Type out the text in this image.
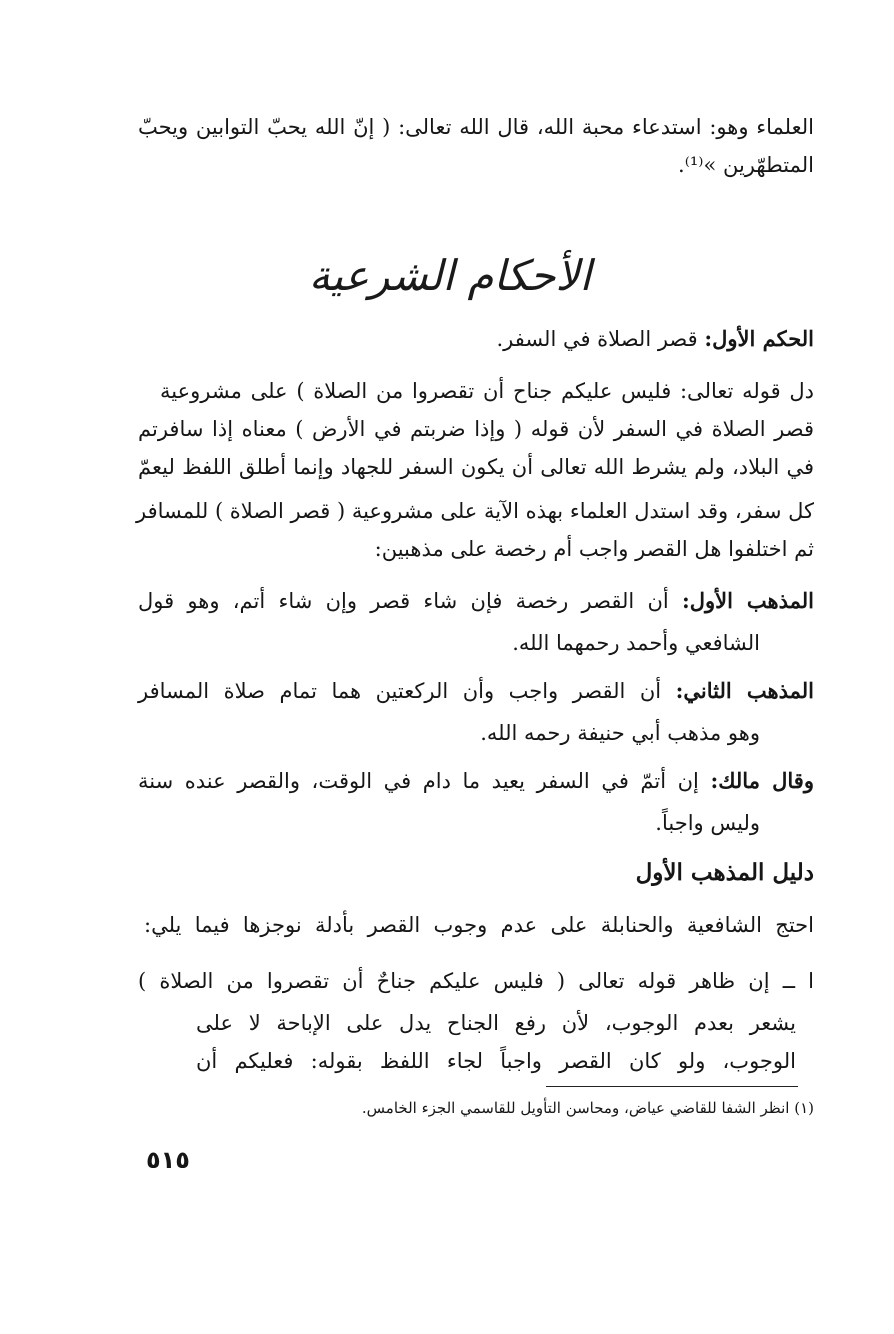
العلماء وهو: استدعاء محبة الله، قال الله تعالى: ( إنّ الله يحبّ التوابين ويحبّ
المتطهّرين »⁽¹⁾.
الأحكام الشرعية
الحكم الأول: قصر الصلاة في السفر.
دل قوله تعالى: فليس عليكم جناح أن تقصروا من الصلاة ) على مشروعية
قصر الصلاة في السفر لأن قوله ( وإذا ضربتم في الأرض ) معناه إذا سافرتم
في البلاد، ولم يشرط الله تعالى أن يكون السفر للجهاد وإنما أطلق اللفظ ليعمّ
كل سفر، وقد استدل العلماء بهذه الآية على مشروعية ( قصر الصلاة ) للمسافر
ثم اختلفوا هل القصر واجب أم رخصة على مذهبين:
المذهب الأول: أن القصر رخصة فإن شاء قصر وإن شاء أتم، وهو قول
الشافعي وأحمد رحمهما الله.
المذهب الثاني: أن القصر واجب وأن الركعتين هما تمام صلاة المسافر
وهو مذهب أبي حنيفة رحمه الله.
وقال مالك: إن أتمّ في السفر يعيد ما دام في الوقت، والقصر عنده سنة
وليس واجباً.
دليل المذهب الأول
احتج الشافعية والحنابلة على عدم وجوب القصر بأدلة نوجزها فيما يلي:
ا ــ إن ظاهر قوله تعالى ( فليس عليكم جناحٌ أن تقصروا من الصلاة )
يشعر بعدم الوجوب، لأن رفع الجناح يدل على الإباحة لا على
الوجوب، ولو كان القصر واجباً لجاء اللفظ بقوله: فعليكم أن
(١) انظر الشفا للقاضي عياض، ومحاسن التأويل للقاسمي الجزء الخامس.
٥١٥
